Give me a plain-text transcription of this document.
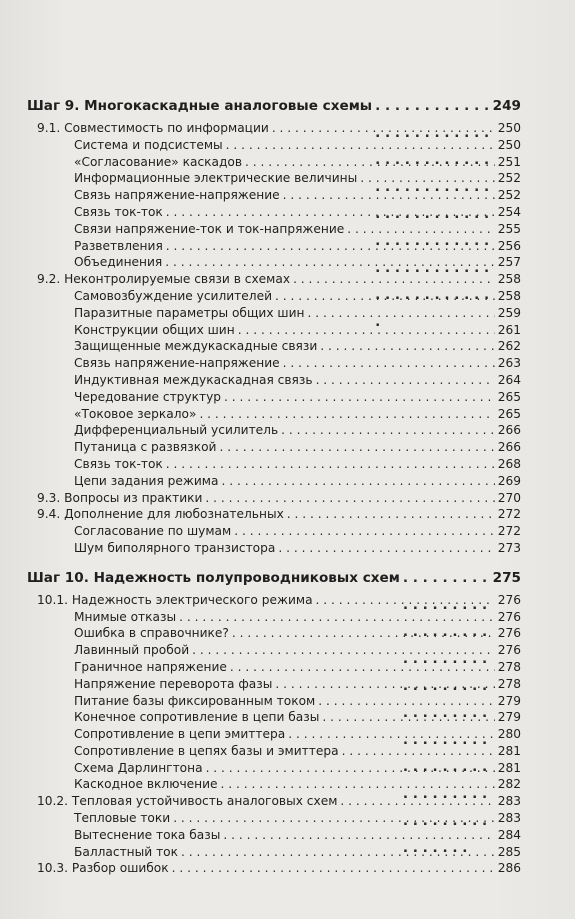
Шаг 9. Многокаскадные аналоговые схемы . . .	249
9.1. Совместимость по информации . . .	250
Система и подсистемы . . .	250
«Согласование» каскадов . . .	251
Информационные электрические величины . . .	252
Связь напряжение-напряжение . . .	252
Связь ток-ток . . .	254
Связи напряжение-ток и ток-напряжение . . .	255
Разветвления . . .	256
Объединения . . .	257
9.2. Неконтролируемые связи в схемах . . .	258
Самовозбуждение усилителей . . .	258
Паразитные параметры общих шин . . .	259
Конструкции общих шин . . .	261
Защищенные междукаскадные связи . . .	262
Связь напряжение-напряжение . . .	263
Индуктивная междукаскадная связь . . .	264
Чередование структур . . .	265
«Токовое зеркало» . . .	265
Дифференциальный усилитель . . .	266
Путаница с развязкой . . .	266
Связь ток-ток . . .	268
Цепи задания режима . . .	269
9.3. Вопросы из практики . . .	270
9.4. Дополнение для любознательных . . .	272
Согласование по шумам . . .	272
Шум биполярного транзистора . . .	273
Шаг 10. Надежность полупроводниковых схем . . .	275
10.1. Надежность электрического режима . . .	276
Мнимые отказы . . .	276
Ошибка в справочнике? . . .	276
Лавинный пробой . . .	276
Граничное напряжение . . .	278
Напряжение переворота фазы . . .	278
Питание базы фиксированным током . . .	279
Конечное сопротивление в цепи базы . . .	279
Сопротивление в цепи эмиттера . . .	280
Сопротивление в цепях базы и эмиттера . . .	281
Схема Дарлингтона . . .	281
Каскодное включение . . .	282
10.2. Тепловая устойчивость аналоговых схем . . .	283
Тепловые токи . . .	283
Вытеснение тока базы . . .	284
Балластный ток . . .	285
10.3. Разбор ошибок . . .	286
